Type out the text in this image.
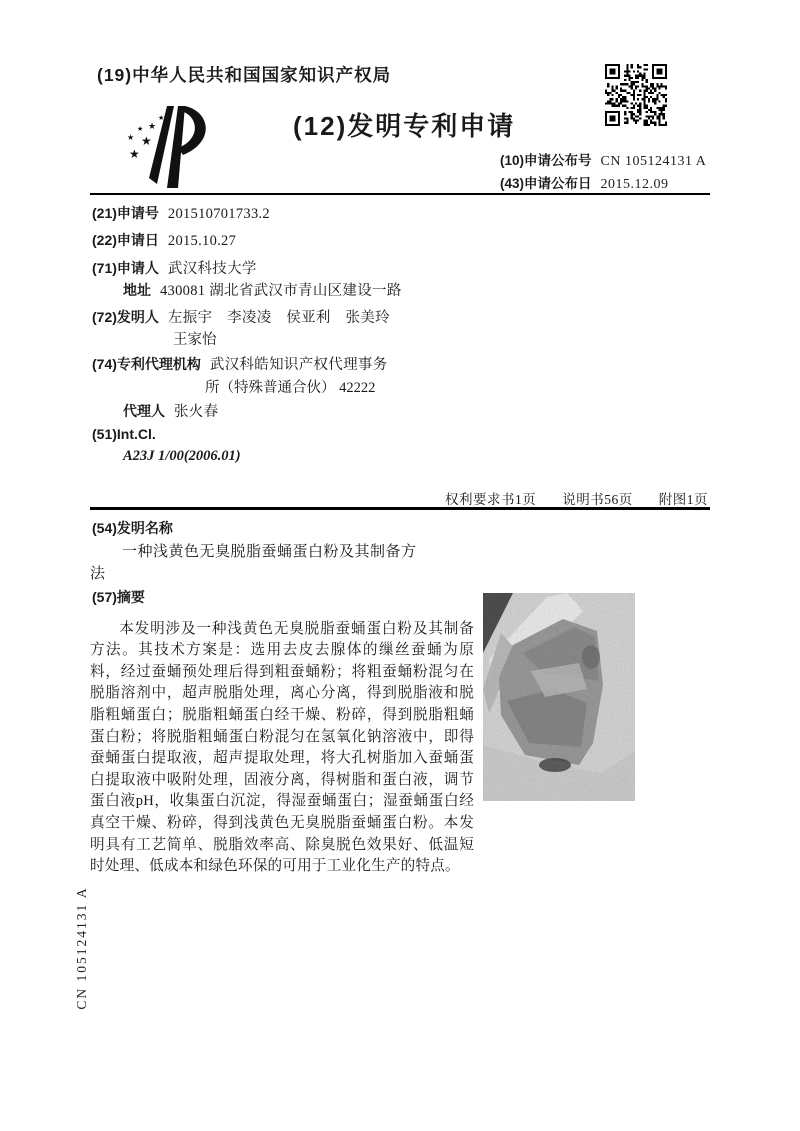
(19)中华人民共和国国家知识产权局
★
★
★
★ ★
★
(12)发明专利申请
(10)申请公布号 CN 105124131 A
(43)申请公布日 2015.12.09
(21)申请号 201510701733.2
(22)申请日 2015.10.27
(71)申请人 武汉科技大学
地址 430081 湖北省武汉市青山区建设一路
(72)发明人 左振宇　李凌凌　侯亚利　张美玲
王家怡
(74)专利代理机构 武汉科皓知识产权代理事务
所（特殊普通合伙） 42222
代理人 张火春
(51)Int.Cl.
A23J 1/00(2006.01)
权利要求书1页 说明书56页 附图1页
(54)发明名称
一种浅黄色无臭脱脂蚕蛹蛋白粉及其制备方
法
(57)摘要

本发明涉及一种浅黄色无臭脱脂蚕蛹蛋白粉及其制备方法。其技术方案是：选用去皮去腺体的缫丝蚕蛹为原料，经过蚕蛹预处理后得到粗蚕蛹粉；将粗蚕蛹粉混匀在脱脂溶剂中，超声脱脂处理，离心分离，得到脱脂液和脱脂粗蛹蛋白；脱脂粗蛹蛋白经干燥、粉碎，得到脱脂粗蛹蛋白粉；将脱脂粗蛹蛋白粉混匀在氢氧化钠溶液中，即得蚕蛹蛋白提取液，超声提取处理，将大孔树脂加入蚕蛹蛋白提取液中吸附处理，固液分离，得树脂和蛋白液，调节蛋白液pH，收集蛋白沉淀，得湿蚕蛹蛋白；湿蚕蛹蛋白经真空干燥、粉碎，得到浅黄色无臭脱脂蚕蛹蛋白粉。本发明具有工艺简单、脱脂效率高、除臭脱色效果好、低温短时处理、低成本和绿色环保的可用于工业化生产的特点。

CN 105124131 A
